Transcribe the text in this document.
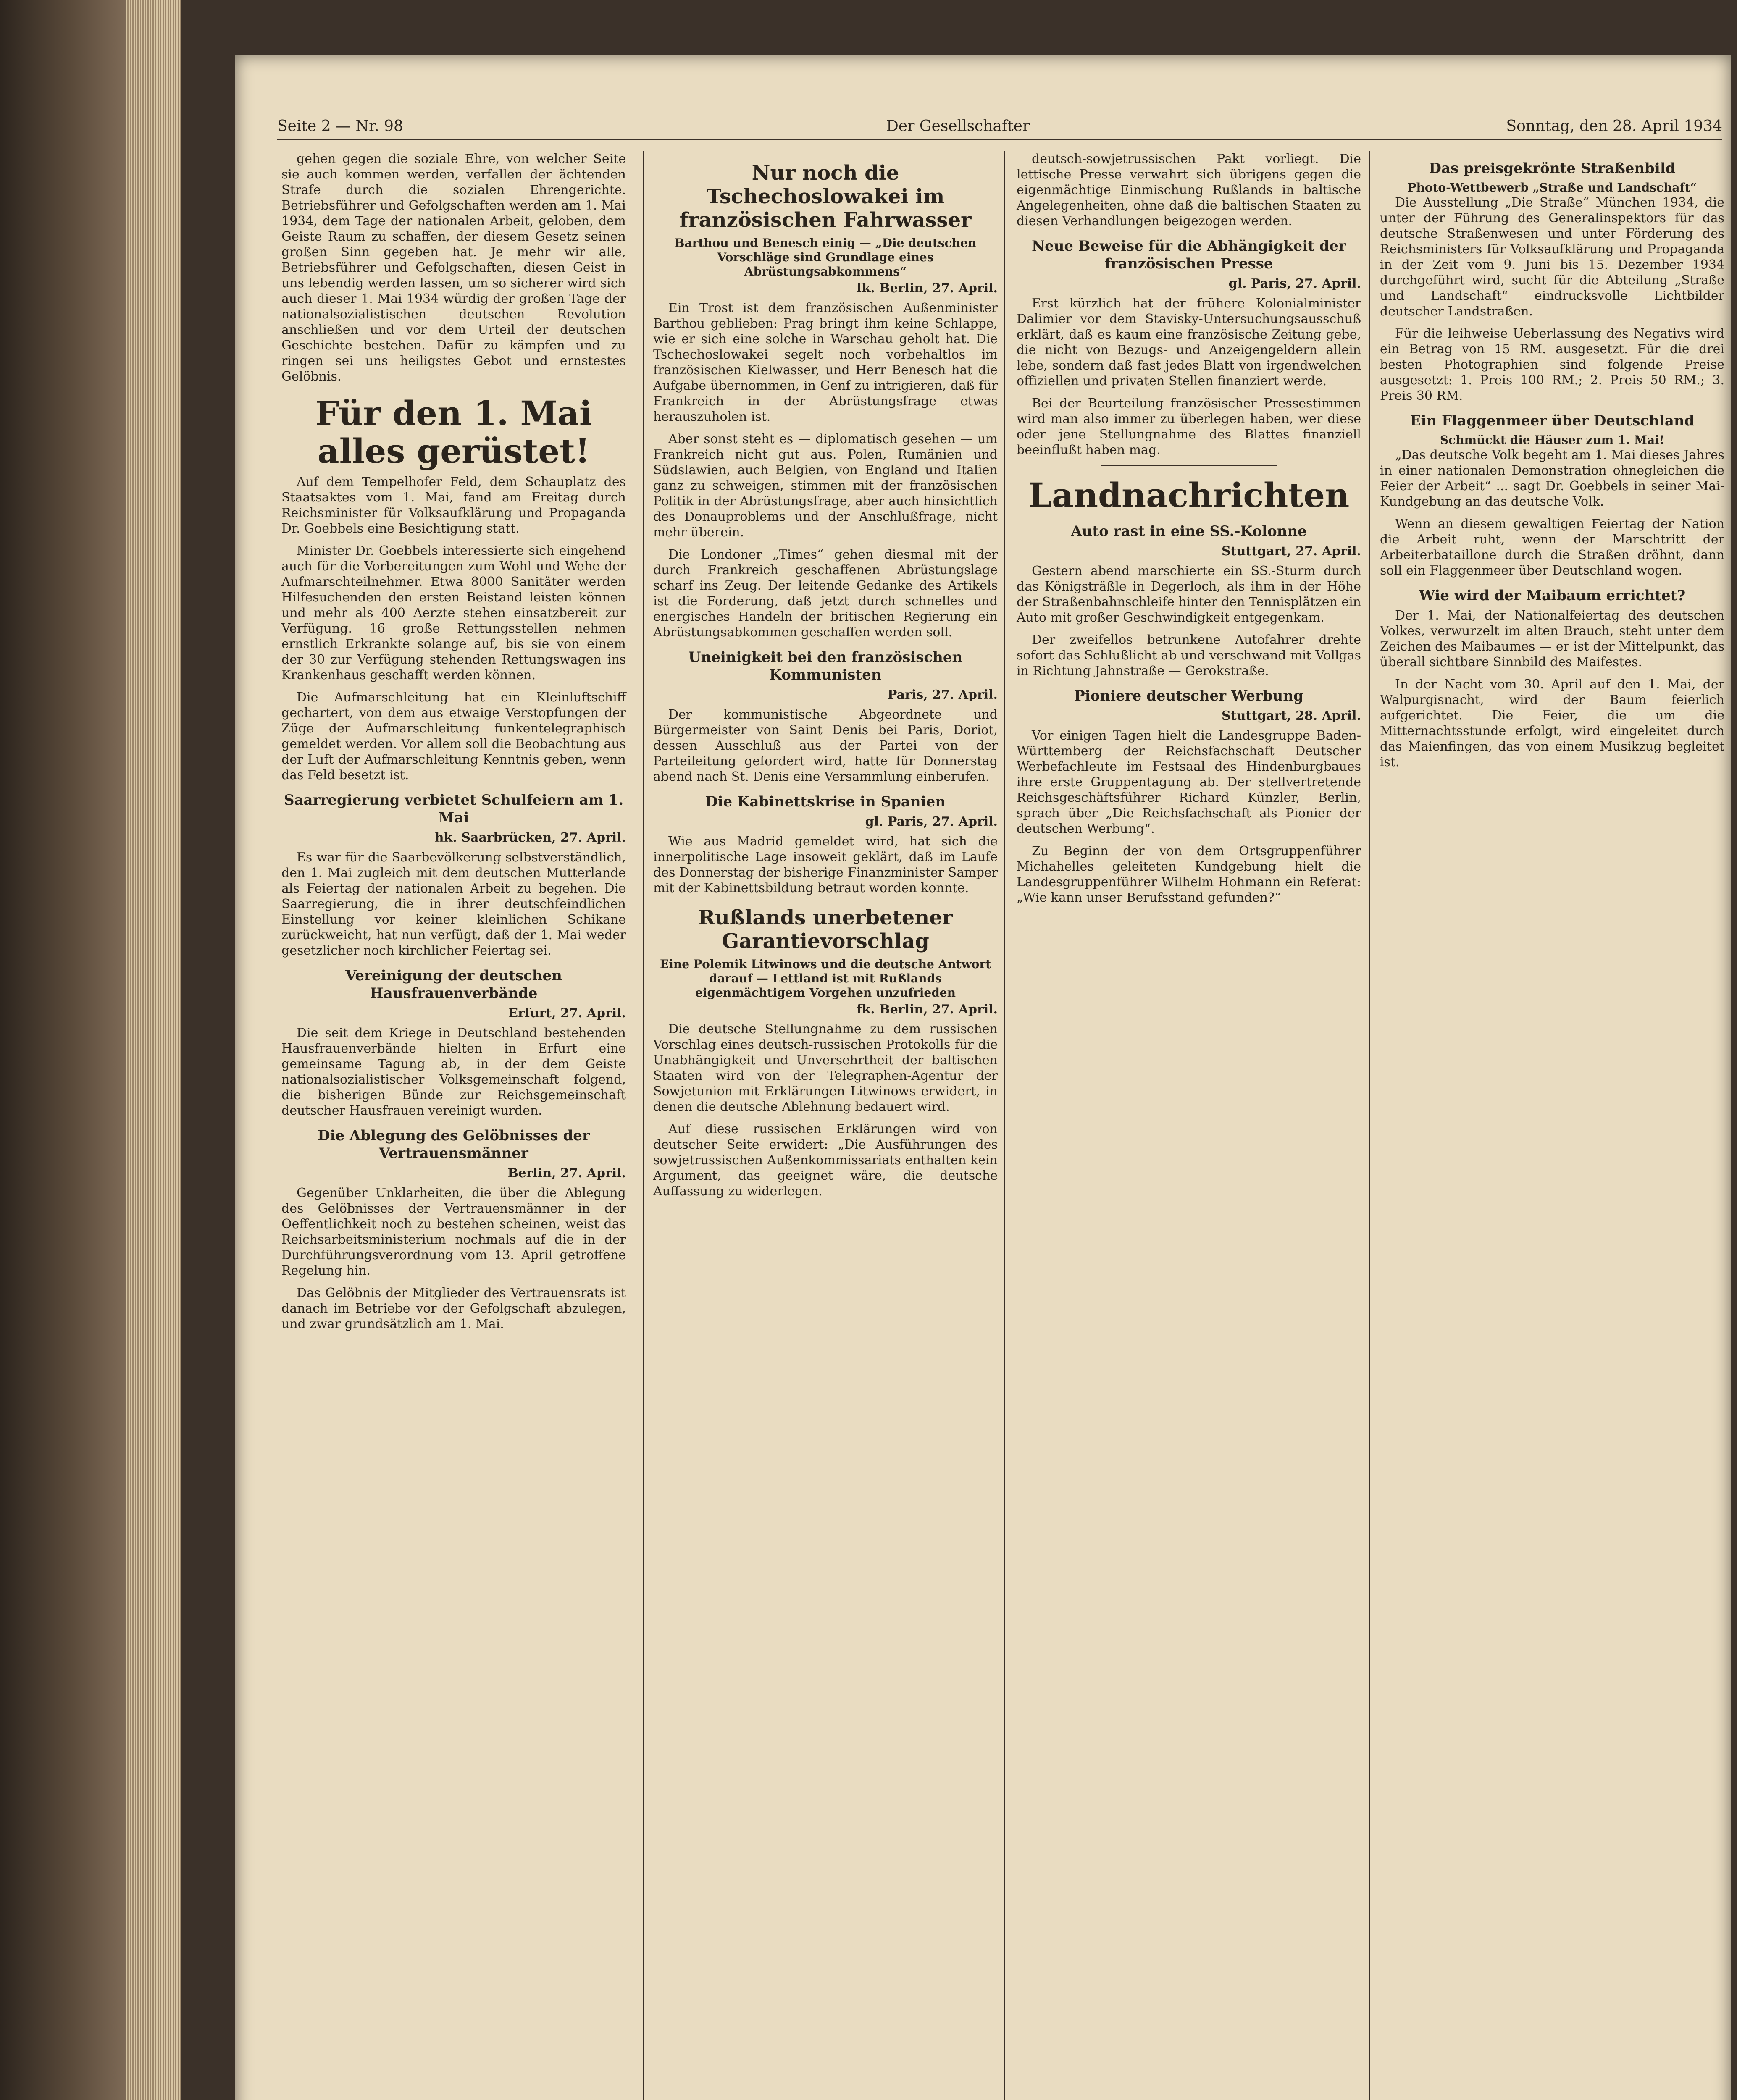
Seite 2 — Nr. 98	Der Gesellschafter	Sonntag, den 28. April 1934

gehen gegen die soziale Ehre, von welcher Seite sie auch kommen werden, verfallen der ächtenden Strafe durch die sozialen Ehrengerichte. Betriebsführer und Gefolgschaften werden am 1. Mai 1934, dem Tage der nationalen Arbeit, geloben, dem Geiste Raum zu schaffen, der diesem Gesetz seinen großen Sinn gegeben hat. Je mehr wir alle, Betriebsführer und Gefolgschaften, diesen Geist in uns lebendig werden lassen, um so sicherer wird sich auch dieser 1. Mai 1934 würdig der großen Tage der nationalsozialistischen deutschen Revolution anschließen und vor dem Urteil der deutschen Geschichte bestehen. Dafür zu kämpfen und zu ringen sei uns heiligstes Gebot und ernstestes Gelöbnis.

Für den 1. Mai alles gerüstet!

Auf dem Tempelhofer Feld, dem Schauplatz des Staatsaktes vom 1. Mai, fand am Freitag durch Reichsminister für Volksaufklärung und Propaganda Dr. Goebbels eine Besichtigung statt.

Minister Dr. Goebbels interessierte sich eingehend auch für die Vorbereitungen zum Wohl und Wehe der Aufmarschteilnehmer. Etwa 8000 Sanitäter werden Hilfesuchenden den ersten Beistand leisten können und mehr als 400 Aerzte stehen einsatzbereit zur Verfügung. 16 große Rettungsstellen nehmen ernstlich Erkrankte solange auf, bis sie von einem der 30 zur Verfügung stehenden Rettungswagen ins Krankenhaus geschafft werden können.

Die Aufmarschleitung hat ein Kleinluftschiff gechartert, von dem aus etwaige Verstopfungen der Züge der Aufmarschleitung funkentelegraphisch gemeldet werden. Vor allem soll die Beobachtung aus der Luft der Aufmarschleitung Kenntnis geben, wenn das Feld besetzt ist.

Saarregierung verbietet Schulfeiern am 1. Mai
hk. Saarbrücken, 27. April.

Es war für die Saarbevölkerung selbstverständlich, den 1. Mai zugleich mit dem deutschen Mutterlande als Feiertag der nationalen Arbeit zu begehen. Die Saarregierung, die in ihrer deutschfeindlichen Einstellung vor keiner kleinlichen Schikane zurückweicht, hat nun verfügt, daß der 1. Mai weder gesetzlicher noch kirchlicher Feiertag sei.

Vereinigung der deutschen Hausfrauenverbände
Erfurt, 27. April.

Die seit dem Kriege in Deutschland bestehenden Hausfrauenverbände hielten in Erfurt eine gemeinsame Tagung ab, in der dem Geiste nationalsozialistischer Volksgemeinschaft folgend, die bisherigen Bünde zur Reichsgemeinschaft deutscher Hausfrauen vereinigt wurden.

Die Ablegung des Gelöbnisses der Vertrauensmänner
Berlin, 27. April.

Gegenüber Unklarheiten, die über die Ablegung des Gelöbnisses der Vertrauensmänner in der Oeffentlichkeit noch zu bestehen scheinen, weist das Reichsarbeitsministerium nochmals auf die in der Durchführungsverordnung vom 13. April getroffene Regelung hin.

Das Gelöbnis der Mitglieder des Vertrauensrats ist danach im Betriebe vor der Gefolgschaft abzulegen, und zwar grundsätzlich am 1. Mai.

Nur noch die Tschechoslowakei im französischen Fahrwasser
Barthou und Benesch einig — „Die deutschen Vorschläge sind Grundlage eines Abrüstungsabkommens“
fk. Berlin, 27. April.

Ein Trost ist dem französischen Außenminister Barthou geblieben: Prag bringt ihm keine Schlappe, wie er sich eine solche in Warschau geholt hat. Die Tschechoslowakei segelt noch vorbehaltlos im französischen Kielwasser, und Herr Benesch hat die Aufgabe übernommen, in Genf zu intrigieren, daß für Frankreich in der Abrüstungsfrage etwas herauszuholen ist.

Aber sonst steht es — diplomatisch gesehen — um Frankreich nicht gut aus. Polen, Rumänien und Südslawien, auch Belgien, von England und Italien ganz zu schweigen, stimmen mit der französischen Politik in der Abrüstungsfrage, aber auch hinsichtlich des Donauproblems und der Anschlußfrage, nicht mehr überein.

Die Londoner „Times“ gehen diesmal mit der durch Frankreich geschaffenen Abrüstungslage scharf ins Zeug. Der leitende Gedanke des Artikels ist die Forderung, daß jetzt durch schnelles und energisches Handeln der britischen Regierung ein Abrüstungsabkommen geschaffen werden soll.

Uneinigkeit bei den französischen Kommunisten
Paris, 27. April.

Der kommunistische Abgeordnete und Bürgermeister von Saint Denis bei Paris, Doriot, dessen Ausschluß aus der Partei von der Parteileitung gefordert wird, hatte für Donnerstag abend nach St. Denis eine Versammlung einberufen.

Die Kabinettskrise in Spanien
gl. Paris, 27. April.

Wie aus Madrid gemeldet wird, hat sich die innerpolitische Lage insoweit geklärt, daß im Laufe des Donnerstag der bisherige Finanzminister Samper mit der Kabinettsbildung betraut worden konnte.

Rußlands unerbetener Garantievorschlag
Eine Polemik Litwinows und die deutsche Antwort darauf — Lettland ist mit Rußlands eigenmächtigem Vorgehen unzufrieden
fk. Berlin, 27. April.

Die deutsche Stellungnahme zu dem russischen Vorschlag eines deutsch-russischen Protokolls für die Unabhängigkeit und Unversehrtheit der baltischen Staaten wird von der Telegraphen-Agentur der Sowjetunion mit Erklärungen Litwinows erwidert, in denen die deutsche Ablehnung bedauert wird.

Auf diese russischen Erklärungen wird von deutscher Seite erwidert: „Die Ausführungen des sowjetrussischen Außenkommissariats enthalten kein Argument, das geeignet wäre, die deutsche Auffassung zu widerlegen.

deutsch-sowjetrussischen Pakt vorliegt. Die lettische Presse verwahrt sich übrigens gegen die eigenmächtige Einmischung Rußlands in baltische Angelegenheiten, ohne daß die baltischen Staaten zu diesen Verhandlungen beigezogen werden.

Neue Beweise für die Abhängigkeit der französischen Presse
gl. Paris, 27. April.

Erst kürzlich hat der frühere Kolonialminister Dalimier vor dem Stavisky-Untersuchungsausschuß erklärt, daß es kaum eine französische Zeitung gebe, die nicht von Bezugs- und Anzeigengeldern allein lebe, sondern daß fast jedes Blatt von irgendwelchen offiziellen und privaten Stellen finanziert werde.

Bei der Beurteilung französischer Pressestimmen wird man also immer zu überlegen haben, wer diese oder jene Stellungnahme des Blattes finanziell beeinflußt haben mag.

Landnachrichten
Auto rast in eine SS.-Kolonne
Stuttgart, 27. April.

Gestern abend marschierte ein SS.-Sturm durch das Königsträßle in Degerloch, als ihm in der Höhe der Straßenbahnschleife hinter den Tennisplätzen ein Auto mit großer Geschwindigkeit entgegenkam.

Der zweifellos betrunkene Autofahrer drehte sofort das Schlußlicht ab und verschwand mit Vollgas in Richtung Jahnstraße — Gerokstraße.

Pioniere deutscher Werbung
Stuttgart, 28. April.

Vor einigen Tagen hielt die Landesgruppe Baden-Württemberg der Reichsfachschaft Deutscher Werbefachleute im Festsaal des Hindenburgbaues ihre erste Gruppentagung ab. Der stellvertretende Reichsgeschäftsführer Richard Künzler, Berlin, sprach über „Die Reichsfachschaft als Pionier der deutschen Werbung“.

Zu Beginn der von dem Ortsgruppenführer Michahelles geleiteten Kundgebung hielt die Landesgruppenführer Wilhelm Hohmann ein Referat: „Wie kann unser Berufsstand gefunden?“

Das preisgekrönte Straßenbild
Photo-Wettbewerb „Straße und Landschaft“

Die Ausstellung „Die Straße“ München 1934, die unter der Führung des Generalinspektors für das deutsche Straßenwesen und unter Förderung des Reichsministers für Volksaufklärung und Propaganda in der Zeit vom 9. Juni bis 15. Dezember 1934 durchgeführt wird, sucht für die Abteilung „Straße und Landschaft“ eindrucksvolle Lichtbilder deutscher Landstraßen.

Für die leihweise Ueberlassung des Negativs wird ein Betrag von 15 RM. ausgesetzt. Für die drei besten Photographien sind folgende Preise ausgesetzt: 1. Preis 100 RM.; 2. Preis 50 RM.; 3. Preis 30 RM.

Ein Flaggenmeer über Deutschland
Schmückt die Häuser zum 1. Mai!

„Das deutsche Volk begeht am 1. Mai dieses Jahres in einer nationalen Demonstration ohnegleichen die Feier der Arbeit“ ... sagt Dr. Goebbels in seiner Mai-Kundgebung an das deutsche Volk.

Wenn an diesem gewaltigen Feiertag der Nation die Arbeit ruht, wenn der Marschtritt der Arbeiterbataillone durch die Straßen dröhnt, dann soll ein Flaggenmeer über Deutschland wogen.

Wie wird der Maibaum errichtet?

Der 1. Mai, der Nationalfeiertag des deutschen Volkes, verwurzelt im alten Brauch, steht unter dem Zeichen des Maibaumes — er ist der Mittelpunkt, das überall sichtbare Sinnbild des Maifestes.

In der Nacht vom 30. April auf den 1. Mai, der Walpurgisnacht, wird der Baum feierlich aufgerichtet. Die Feier, die um die Mitternachtsstunde erfolgt, wird eingeleitet durch das Maienfingen, das von einem Musikzug begleitet ist.
